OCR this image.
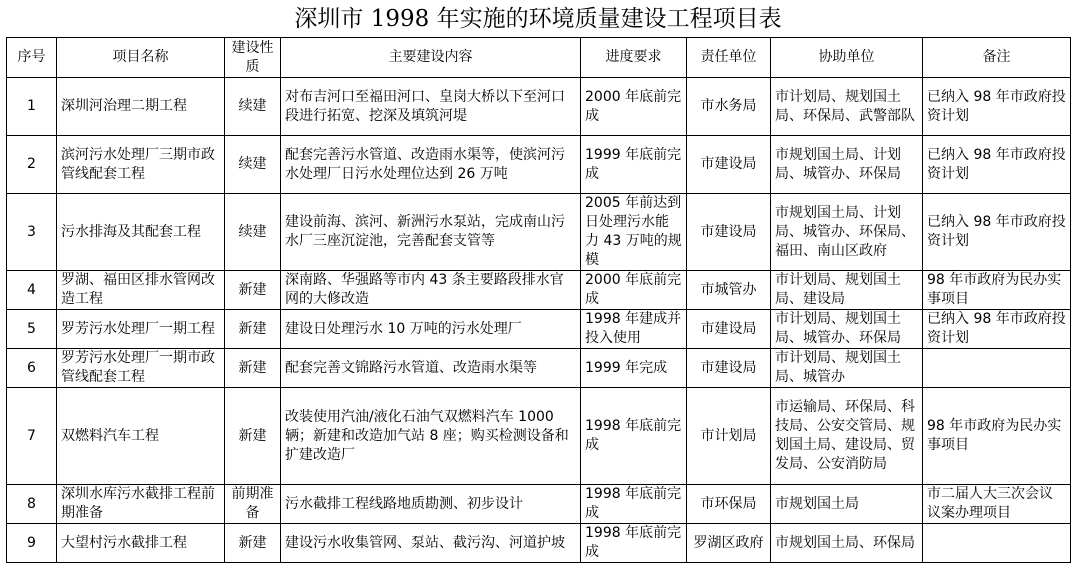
深圳市 1998 年实施的环境质量建设工程项目表
序号	项目名称	建设性质	主要建设内容	进度要求	责任单位	协助单位	备注
1	深圳河治理二期工程	续建	对布吉河口至福田河口、皇岗大桥以下至河口段进行拓宽、挖深及填筑河堤	2000 年底前完成	市水务局	市计划局、规划国土局、环保局、武警部队	已纳入 98 年市政府投资计划
2	滨河污水处理厂三期市政管线配套工程	续建	配套完善污水管道、改造雨水渠等，使滨河污水处理厂日污水处理位达到 26 万吨	1999 年底前完成	市建设局	市规划国土局、计划局、城管办、环保局	已纳入 98 年市政府投资计划
3	污水排海及其配套工程	续建	建设前海、滨河、新洲污水泵站，完成南山污水厂三座沉淀池，完善配套支管等	2005 年前达到日处理污水能力 43 万吨的规模	市建设局	市规划国土局、计划局、城管办、环保局、福田、南山区政府	已纳入 98 年市政府投资计划
4	罗湖、福田区排水管网改造工程	新建	深南路、华强路等市内 43 条主要路段排水官网的大修改造	2000 年底前完成	市城管办	市计划局、规划国土局、建设局	98 年市政府为民办实事项目
5	罗芳污水处理厂一期工程	新建	建设日处理污水 10 万吨的污水处理厂	1998 年建成并投入使用	市建设局	市计划局、规划国土局、城管办、环保局	已纳入 98 年市政府投资计划
6	罗芳污水处理厂一期市政管线配套工程	新建	配套完善文锦路污水管道、改造雨水渠等	1999 年完成	市建设局	市计划局、规划国土局、城管办	
7	双燃料汽车工程	新建	改装使用汽油/液化石油气双燃料汽车 1000 辆；新建和改造加气站 8 座；购买检测设备和扩建改造厂	1998 年底前完成	市计划局	市运输局、环保局、科技局、公安交管局、规划国土局、建设局、贸发局、公安消防局	98 年市政府为民办实事项目
8	深圳水库污水截排工程前期准备	前期准备	污水截排工程线路地质勘测、初步设计	1998 年底前完成	市环保局	市规划国土局	市二届人大三次会议议案办理项目
9	大望村污水截排工程	新建	建设污水收集管网、泵站、截污沟、河道护坡	1998 年底前完成	罗湖区政府	市规划国土局、环保局	
